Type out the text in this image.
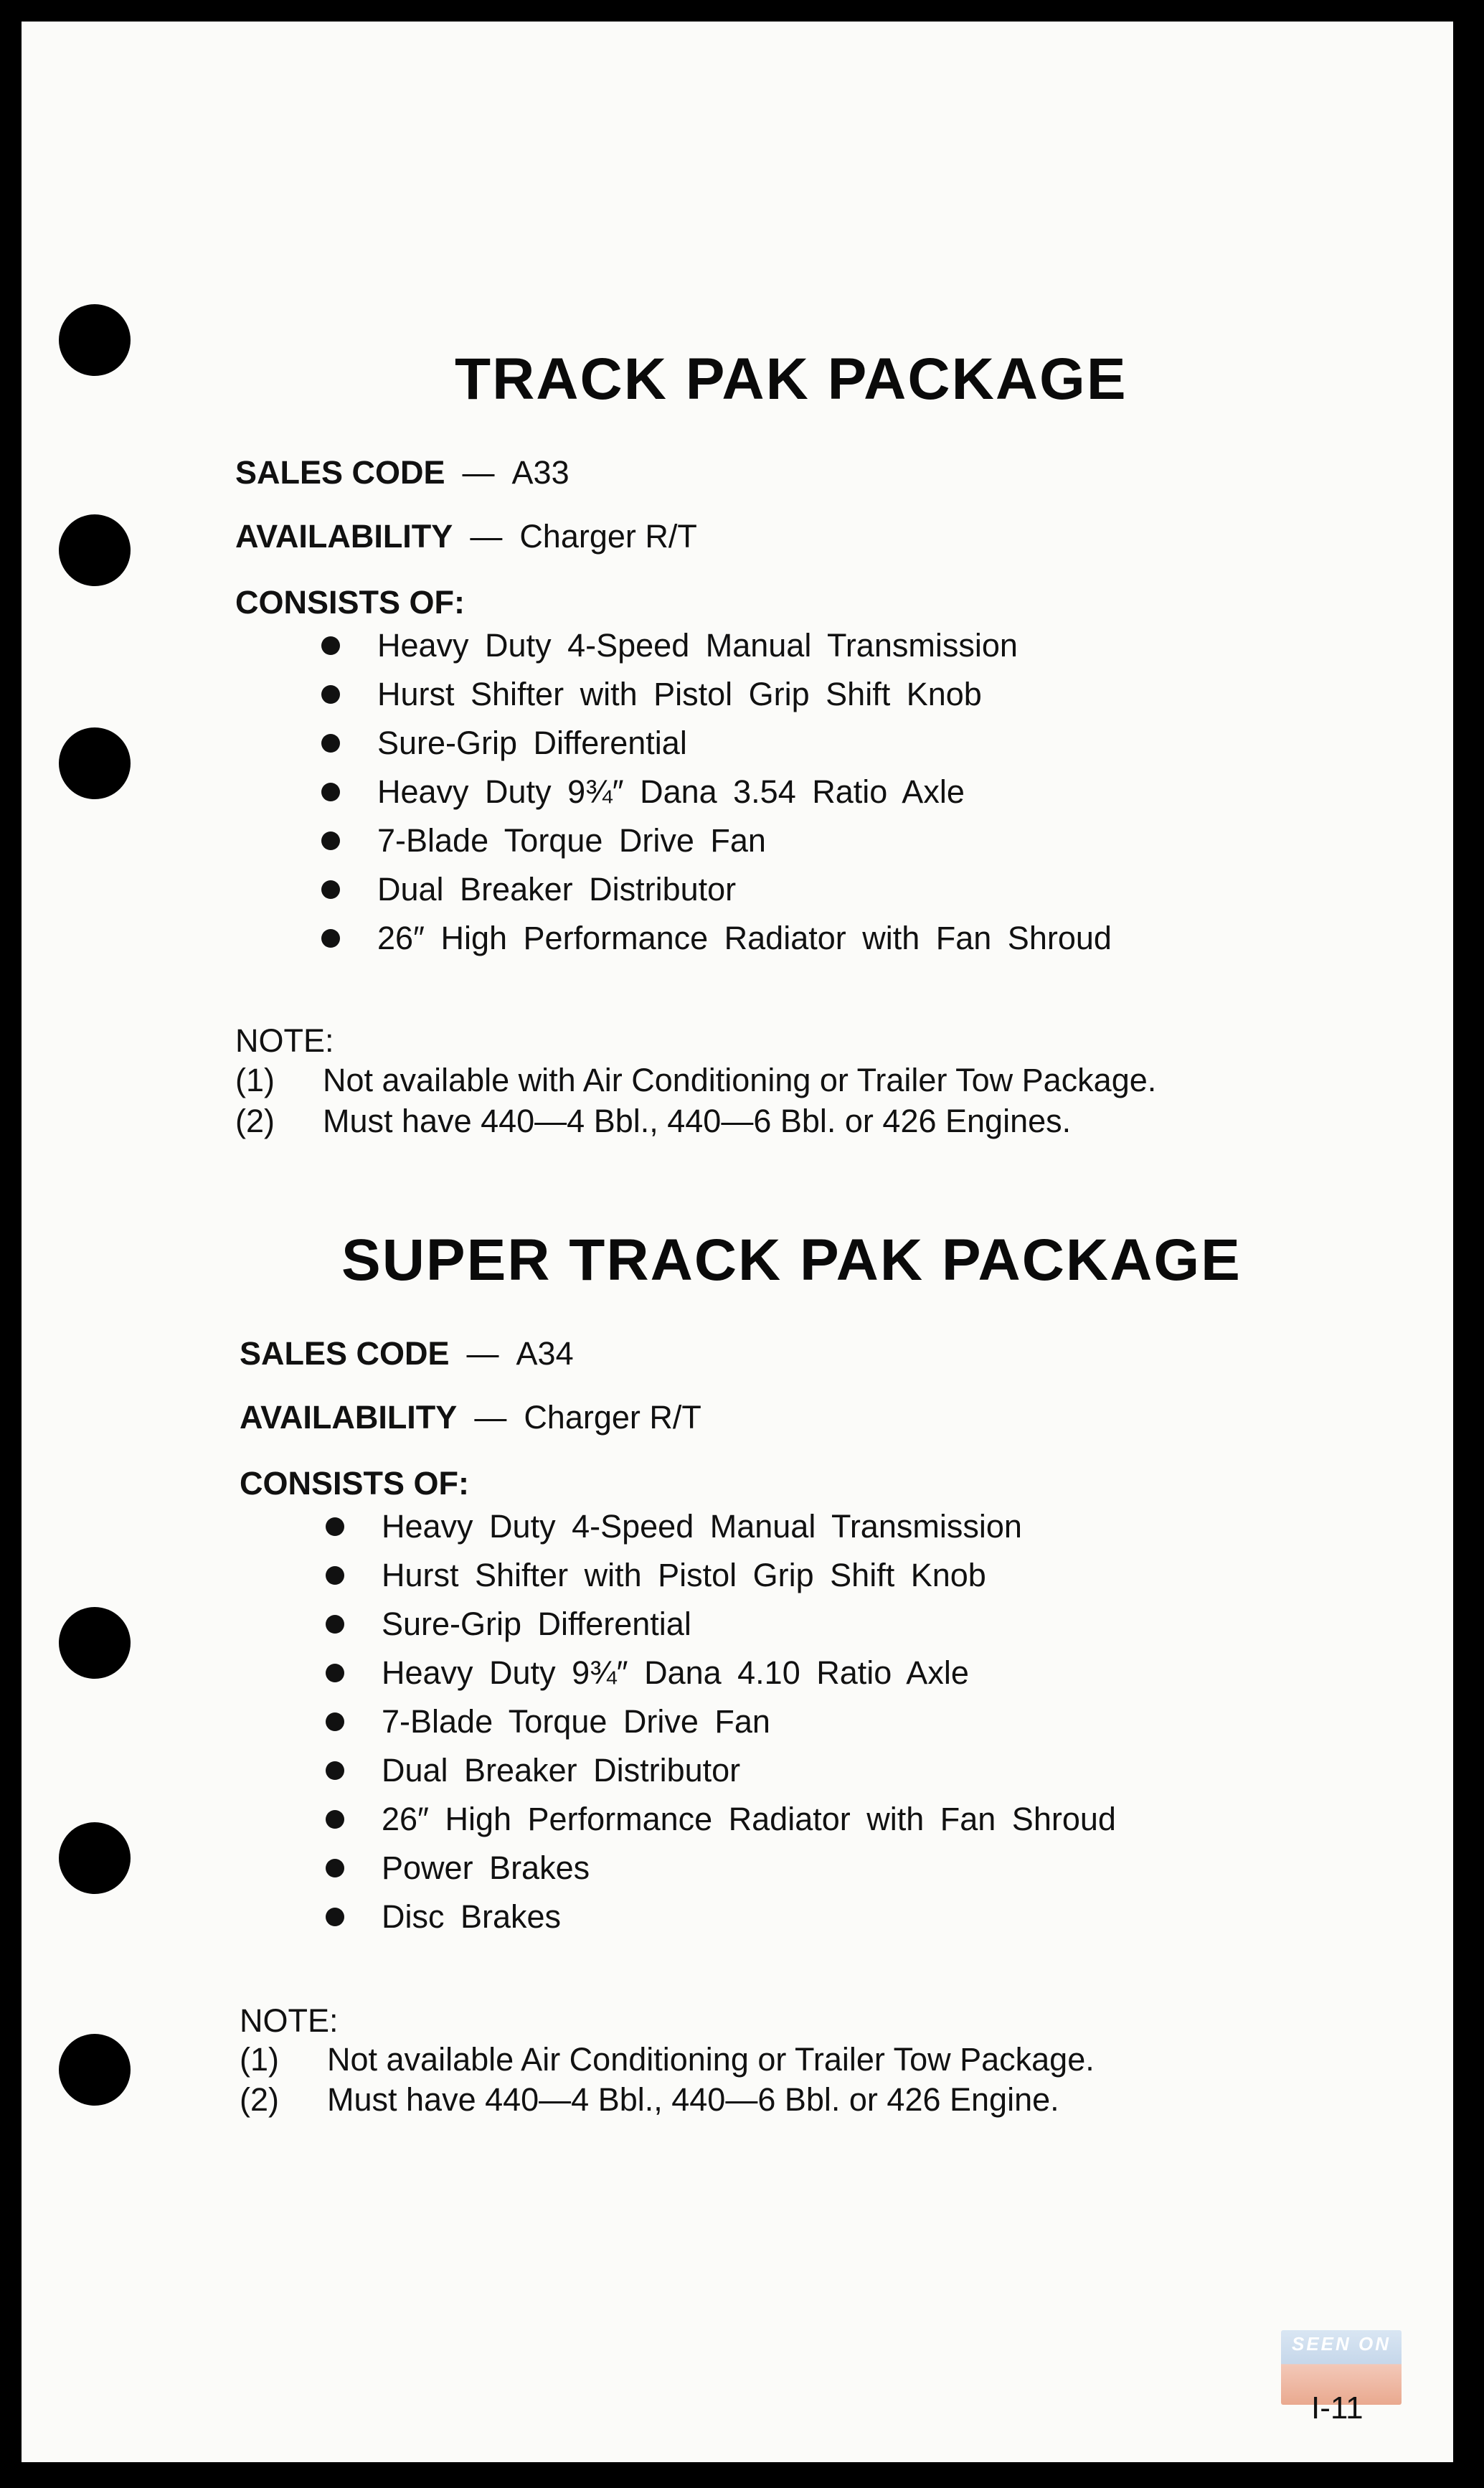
TRACK PAK PACKAGE
SALES CODE — A33
AVAILABILITY — Charger R/T
CONSISTS OF:
Heavy Duty 4-Speed Manual Transmission
Hurst Shifter with Pistol Grip Shift Knob
Sure-Grip Differential
Heavy Duty 9¾″ Dana 3.54 Ratio Axle
7-Blade Torque Drive Fan
Dual Breaker Distributor
26″ High Performance Radiator with Fan Shroud
NOTE:
(1) Not available with Air Conditioning or Trailer Tow Package.
(2) Must have 440—4 Bbl., 440—6 Bbl. or 426 Engines.
SUPER TRACK PAK PACKAGE
SALES CODE — A34
AVAILABILITY — Charger R/T
CONSISTS OF:
Heavy Duty 4-Speed Manual Transmission
Hurst Shifter with Pistol Grip Shift Knob
Sure-Grip Differential
Heavy Duty 9¾″ Dana 4.10 Ratio Axle
7-Blade Torque Drive Fan
Dual Breaker Distributor
26″ High Performance Radiator with Fan Shroud
Power Brakes
Disc Brakes
NOTE:
(1) Not available Air Conditioning or Trailer Tow Package.
(2) Must have 440—4 Bbl., 440—6 Bbl. or 426 Engine.
SEEN ON
I-11
